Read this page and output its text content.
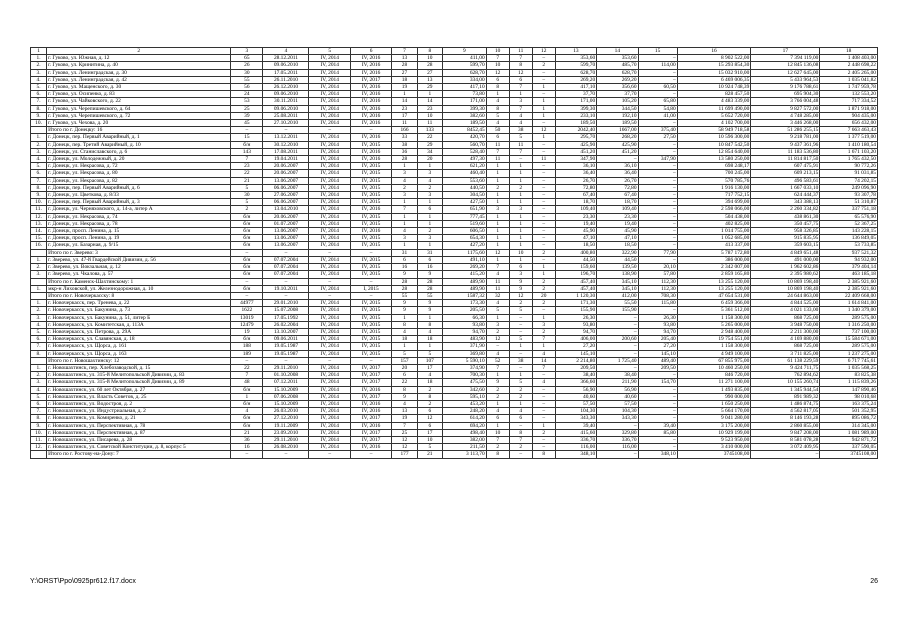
1	2	3	4	5	6	7	8	9	10	11	12	13	14	15	16	17	18
1.	г. Гуково, ул. Южная, д. 12	65	28.12.2011	IV, 2014	IV, 2016	13	10	411,00	7	7	–	353,60	353,60	–	8 902 522,00	7 394 119,00	1 408 403,00
2.	г. Гуково, ул. Кринитина, д. 40	26	09.06.2010	IV, 2014	IV, 2016	28	28	599,70	10	8	2	599,70	485,70	114,00	15 293 854,30	12 845 136,08	2 448 698,22
3.	г. Гуково, ул. Ленинградская, д. 30	30	17.05.2011	IV, 2014	IV, 2016	27	27	628,70	12	12	–	628,70	628,70	–	15 032 910,00	12 627 645,00	2 405 265,00
4.	г. Гуково, ул. Ленинградская, д. 42	55	26.11.2010	IV, 2014	IV, 2017	18	13	334,00	6	6	–	269,20	269,20	–	6 469 006,35	5 433 964,53	1 035 041,82
5.	г. Гуково, ул. Мащенского, д. 30	56	26.12.2010	IV, 2014	IV, 2016	19	29	417,10	8	7	1	417,10	356,60	60,50	10 924 748,39	9 176 788,61	1 747 959,78
6.	г. Гуково, ул. Осипенко, д. 83	24	09.06.2010	IV, 2014	IV, 2016	1	1	73,80	1	1	–	37,70	37,70	–	828 457,50	695 904,30	132 553,20
7.	г. Гуково, ул. Чайковского, д. 22	53	30.11.2011	IV, 2014	IV, 2016	14	14	171,00	4	3	1	171,00	105,20	65,80	4 483 339,00	3 766 004,48	717 334,52
8.	г. Гуково, ул. Черепишевского, д. 64	25	09.06.2010	IV, 2014	IV, 2016	23	23	399,30	8	7	1	399,30	344,50	54,80	11 699 490,00	9 827 572,00	1 871 918,00
9.	г. Гуково, ул. Черепишевского, д. 72	39	25.08.2011	IV, 2014	IV, 2016	17	10	382,60	5	4	1	233,10	192,10	41,00	5 652 720,00	4 748 285,00	904 435,00
10.	г. Гуково, ул. Чехова, д. 20	45	27.10.2010	IV, 2014	IV, 2016	11	11	189,50	4	4	–	189,50	189,50	–	4 102 700,00	3 446 268,00	656 432,00
	Итого по г. Донецку: 16	–	–	–	–	166	133	8452,45	50	38	12	2042,40	1667,00	375,40	58 949 718,58	51 286 255,15	7 663 463,43
1.	г. Донецк, пер. Первый Аварийный, д. 1	15	13.12.2011	IV, 2014	IV, 2016	33	22	420,70	6	5	1	295,70	268,20	27,50	10 596 300,00	9 218 781,00	1 377 519,00
2.	г. Донецк, пер. Третий Аварийный, д. 10	б/н	30.12.2010	IV, 2014	IV, 2015	38	29	560,70	11	11	–	425,90	425,90	–	10 847 542,50	9 437 361,96	1 410 180,54
3.	г. Донецк, ул. Станиславского, д. 6	143	17.08.2011	IV, 2014	IV, 2016	36	34	528,40	7	7	–	451,20	451,20	–	12 854 640,00	11 183 536,80	1 671 103,20
4.	г. Донецк, ул. Молодежный, д. 20	7	19.04.2011	IV, 2014	IV, 2016	28	20	497,30	11	–	11	347,90	–	347,90	13 580 250,00	11 814 817,50	1 765 432,50
5.	г. Донецк, ул. Некрасова, д. 72	23	20.06.2007	IV, 2014	IV, 2015	1	1	621,20	1	1	–	36,10	36,10	–	698 248,17	607 475,91	90 772,26
6.	г. Донецк, ул. Некрасова, д. 80	22	20.06.2007	IV, 2014	IV, 2015	3	3	460,40	1	1	–	36,40	36,40	–	700 245,00	609 213,15	91 031,85
7.	г. Донецк, ул. Некрасова, д. 82	21	13.06.2007	IV, 2014	IV, 2015	4	4	553,60	1	1	–	26,70	26,70	–	570 785,76	496 583,61	74 202,15
8.	г. Донецк, пер. Первый Аварийный, д. 6	5	06.06.2007	IV, 2014	IV, 2015	2	2	440,50	2	2	–	72,80	72,80	–	1 916 130,00	1 667 033,10	249 096,90
9.	г. Донецк, ул. Цветкова, д. 8/33	30	27.06.2007	IV, 2014	IV, 2015	3	3	304,50	1	1	–	67,40	67,40	–	717 752,15	624 444,37	93 307,78
10.	г. Донецк, пер. Первый Аварийный, д. 3	5	06.06.2007	IV, 2014	IV, 2015	1	1	427,50	1	1	–	18,70	18,70	–	394 699,00	343 388,13	51 310,87
11.	г. Донецк, ул. Черняховского, д. 14-а, литер А	2	13.04.2010	IV, 2014	IV, 2016	7	6	651,90	3	3	–	109,40	109,40	–	2 598 066,00	2 260 334,82	337 751,18
12.	г. Донецк, ул. Некрасова, д. 74	б/н	20.06.2007	IV, 2014	IV, 2015	1	1	777,45	1	1	–	23,30	23,30	–	504 438,00	438 861,30	65 576,90
13.	г. Донецк, ул. Некрасова, д. 78	б/н	01.07.2007	IV, 2014	IV, 2015	1	1	519,60	1	1	–	19,40	19,40	–	402 825,00	350 457,75	52 367,25
14.	г. Донецк, просп. Ленина, д. 15	б/н	13.06.2007	IV, 2014	IV, 2016	4	2	606,50	1	1	–	45,90	45,90	–	1 014 755,00	958 326,85	143 228,15
15.	г. Донецк, просп. Ленина, д. 19	б/н	13.06.2007	IV, 2014	IV, 2015	3	3	654,30	1	1	–	47,10	47,10	–	1 052 685,00	915 835,95	136 849,05
16.	г. Донецк, ул. Базарная, д. 9/15	б/н	13.06.2007	IV, 2014	IV, 2015	1	1	427,20	1	1	–	18,50	18,50	–	413 337,00	359 603,15	53 733,85
	Итого по г. Зверево: 3	–	–	–	–	31	31	1175,60	12	10	2	400,80	322,90	77,90	5 787 172,80	4 849 651,48	937 521,32
1.	г. Зверево, ул. 47-й Гвардейской Дивизии, д. 56	б/н	07.07.2004	IV, 2014	IV, 2015	6	6	491,10	1	1	–	44,50	44,50	–	386 000,00	491 000,00	94 932,00
2.	г. Зверево, ул. Вокзальная, д. 12	б/н	07.07.2004	IV, 2014	IV, 2015	16	16	269,20	7	6	1	159,60	139,50	20,10	2 342 007,00	1 962 602,86	379 404,14
3.	г. Зверево, ул. Чкалова, д. 57	б/н	07.07.2004	IV, 2014	IV, 2015	9	9	415,20	4	3	1	196,70	138,90	57,80	2 859 165,80	2 395 980,62	463 185,18
	Итого по г. Каменск-Шахтинскому: 1	–	–	–	–	28	28	489,90	11	9	2	457,40	345,10	112,30	13 255 120,00	10 869 198,40	2 385 921,60
1.	мкр-н Лиховской, ул. Железнодорожная, д. 10	б/н	19.10.2011	IV, 2014	I, 2015	28	28	489,90	11	9	2	457,40	345,10	112,30	13 255 120,00	10 869 198,40	2 385 921,60
	Итого по г. Новочеркасску: 8	–	–	–	–	55	55	1587,32	32	12	20	1 120,30	412,00	708,30	47 654 531,00	24 644 863,00	22 409 668,00
1.	г. Новочеркасск, пер. Тренева, д. 22	44977	29.01.2010	IV, 2014	IV, 2015	9	9	173,30	4	2	2	171,30	55,50	115,80	6 459 366,00	4 844 525,00	1 614 841,00
2.	г. Новочеркасск, ул. Бакунина, д. 73	1622	15.07.2008	IV, 2014	IV, 2015	9	9	205,50	5	5	–	155,90	155,90	–	5 361 512,00	4 021 133,00	1 340 379,00
3.	г. Новочеркасск, ул. Бакунина, д. 51, литер Б	13019	17.05.1992	IV, 2014	IV, 2015	1	1	66,30	1	–	1	26,30	–	26,30	1 158 300,00	868 725,00	289 575,00
4.	г. Новочеркасск, ул. Комитетская, д. 113А	12479	26.02.2004	IV, 2014	IV, 2015	8	8	93,80	3	–	3	93,80	–	93,80	5 265 000,00	3 948 750,00	1 316 250,00
5.	г. Новочеркасск, ул. Петрова, д. 29А	19	13.10.2007	IV, 2014	IV, 2015	4	4	94,70	2	–	2	94,70	–	94,70	2 948 400,00	2 211 300,00	737 100,00
6.	г. Новочеркасск, ул. Славянская, д. 18	б/н	09.06.2011	IV, 2014	IV, 2015	18	18	483,90	12	5	7	406,00	200,60	205,40	19 754 551,00	4 169 880,00	15 584 671,00
7.	г. Новочеркасск, ул. Щорса, д. 161	188	19.05.1987	IV, 2014	IV, 2015	1	1	371,90	–	1	1	27,20	–	27,20	1 158 300,00	868 725,00	289 575,00
8.	г. Новочеркасск, ул. Щорса, д. 163	189	19.05.1987	IV, 2014	IV, 2015	5	5	369,80	4	–	4	145,10	–	145,10	4 949 100,00	3 711 825,00	1 237 275,00
	Итого по г. Новошахтинску: 12	–	–	–	–	157	107	5 590,10	52	38	14	2 214,80	1 725,40	489,40	67 855 975,00	61 138 229,59	6 717 745,61
1.	г. Новошахтинск, пер. Хлебозаводской, д. 15	22	29.11.2010	IV, 2014	IV, 2017	20	17	374,90	7	–	7	209,50	–	209,50	10 460 250,00	9 424 711,75	1 035 568,25
2.	г. Новошахтинск, ул. 315-й Мелитопольской Дивизии, д. 83	7	01.10.2008	IV, 2014	IV, 2017	6	4	700,30	1	1	–	38,40	38,40	–	846 720,00	762 894,62	83 825,38
3.	г. Новошахтинск, ул. 315-й Мелитопольской Дивизии, д. 89	48	07.12.2011	IV, 2014	IV, 2017	22	18	475,50	9	5	4	366,60	211,90	154,70	11 271 100,00	10 155 260,74	1 115 839,26
4.	г. Новошахтинск, ул. 60 лет Октября, д. 27	б/н	15.10.2009	IV, 2014	IV, 2016	8	2	342,60	2	2	–	56,90	56,90	–	1 493 835,00	1 345 944,54	147 890,46
5.	г. Новошахтинск, ул. Власть Советов, д. 25	1	07.06.2008	IV, 2014	IV, 2017	9	8	595,10	2	2	–	40,60	40,60	–	990 000,00	891 989,32	98 010,68
6.	г. Новошахтинск, ул. Водостроя, д. 2	б/н	15.10.2009	IV, 2014	IV, 2016	4	2	453,20	1	1	–	57,50	57,50	–	1 650 250,00	1 486 874,75	163 375,24
7.	г. Новошахтинск, ул. Индустриальная, д. 2	4	26.03.2010	IV, 2014	IV, 2016	13	6	248,20	4	4	–	104,30	104,30	–	5 664 170,00	4 562 817,05	501 352,95
8.	г. Новошахтинск, ул. Комиренко, д. 21	б/н	27.12.2010	IV, 2014	IV, 2017	19	12	614,20	6	6	–	343,30	343,30	–	9 041 280,00	8 146 193,28	895 086,72
9.	г. Новошахтинск, ул. Перспективная, д. 78	б/н	19.11.2009	IV, 2014	IV, 2016	7	6	694,20	1	–	1	39,40	–	39,40	3 175 200,00	2 860 855,00	314 345,00
10.	г. Новошахтинск, ул. Перспективная, д. 87	21	23.09.2010	IV, 2014	IV, 2017	25	17	498,40	10	8	2	415,60	329,80	85,80	10 929 199,00	9 847 208,00	1 081 989,00
11.	г. Новошахтинск, ул. Писарева, д. 28	36	29.11.2010	IV, 2014	IV, 2017	12	10	382,00	7	7	–	336,70	336,70	–	9 523 950,00	8 581 078,28	942 871,72
12.	г. Новошахтинск, ул. Советской Конституции, д. 8, корпус 5	16	26.08.2010	IV, 2014	IV, 2016	12	5	211,50	2	2	–	116,00	116,00	–	3 410 000,00	3 072 409,95	337 590,05
	Итого по г. Ростову-на-Дону: 7	–	–	–	–	177	21	3 113,70	8	–	8	348,10	–	348,10	3745108,00	–	3745108,00
Y:\ORST\Ppo\0925pr612.f17.docx	26
